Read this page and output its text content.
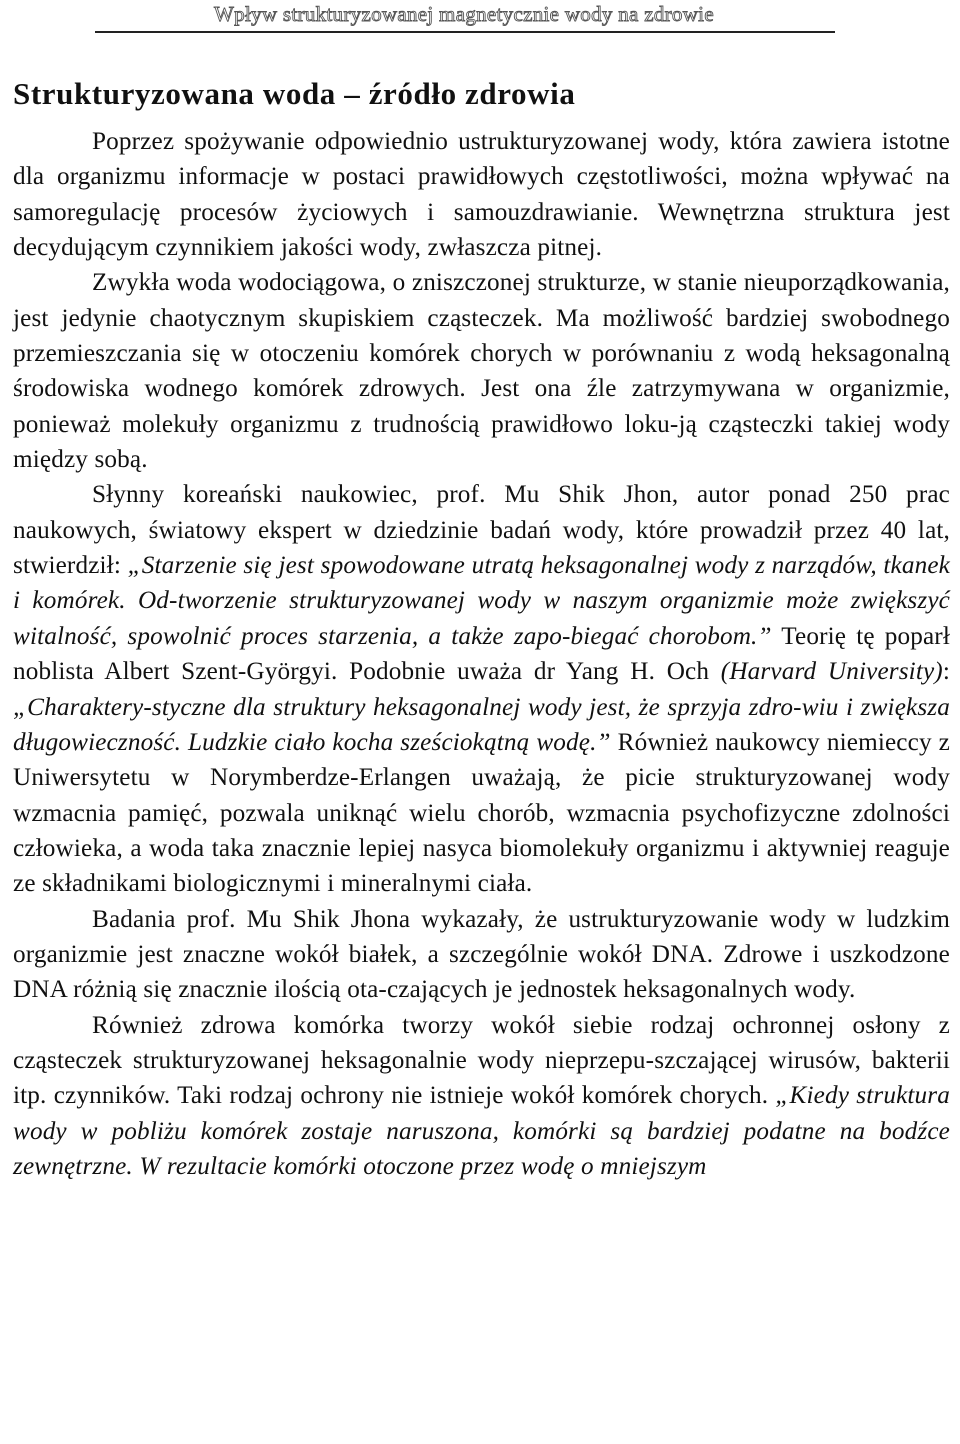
Wpływ strukturyzowanej magnetycznie wody na zdrowie
Strukturyzowana woda – źródło zdrowia

Poprzez spożywanie odpowiednio ustrukturyzowanej wody, która zawiera istotne dla organizmu informacje w postaci prawidłowych częstotliwości, można wpływać na samoregulację procesów życiowych i samouzdrawianie. Wewnętrzna struktura jest decydującym czynnikiem jakości wody, zwłaszcza pitnej.

Zwykła woda wodociągowa, o zniszczonej strukturze, w stanie nieuporządkowania, jest jedynie chaotycznym skupiskiem cząsteczek. Ma możliwość bardziej swobodnego przemieszczania się w otoczeniu komórek chorych w porównaniu z wodą heksagonalną środowiska wodnego komórek zdrowych. Jest ona źle zatrzymywana w organizmie, ponieważ molekuły organizmu z trudnością prawidłowo loku-ją cząsteczki takiej wody między sobą.

Słynny koreański naukowiec, prof. Mu Shik Jhon, autor ponad 250 prac naukowych, światowy ekspert w dziedzinie badań wody, które prowadził przez 40 lat, stwierdził: „Starzenie się jest spowodowane utratą heksagonalnej wody z narządów, tkanek i komórek. Od-tworzenie strukturyzowanej wody w naszym organizmie może zwiększyć witalność, spowolnić proces starzenia, a także zapo-biegać chorobom.” Teorię tę poparł noblista Albert Szent-Györgyi. Podobnie uważa dr Yang H. Och (Harvard University): „Charaktery-styczne dla struktury heksagonalnej wody jest, że sprzyja zdro-wiu i zwiększa długowieczność. Ludzkie ciało kocha sześciokątną wodę.” Również naukowcy niemieccy z Uniwersytetu w Norymberdze-Erlangen uważają, że picie strukturyzowanej wody wzmacnia pamięć, pozwala uniknąć wielu chorób, wzmacnia psychofizyczne zdolności człowieka, a woda taka znacznie lepiej nasyca biomolekuły organizmu i aktywniej reaguje ze składnikami biologicznymi i mineralnymi ciała.

Badania prof. Mu Shik Jhona wykazały, że ustrukturyzowanie wody w ludzkim organizmie jest znaczne wokół białek, a szczególnie wokół DNA. Zdrowe i uszkodzone DNA różnią się znacznie ilością ota-czających je jednostek heksagonalnych wody.

Również zdrowa komórka tworzy wokół siebie rodzaj ochronnej osłony z cząsteczek strukturyzowanej heksagonalnie wody nieprzepu-szczającej wirusów, bakterii itp. czynników. Taki rodzaj ochrony nie istnieje wokół komórek chorych. „Kiedy struktura wody w pobliżu komórek zostaje naruszona, komórki są bardziej podatne na bodźce zewnętrzne. W rezultacie komórki otoczone przez wodę o mniejszym
